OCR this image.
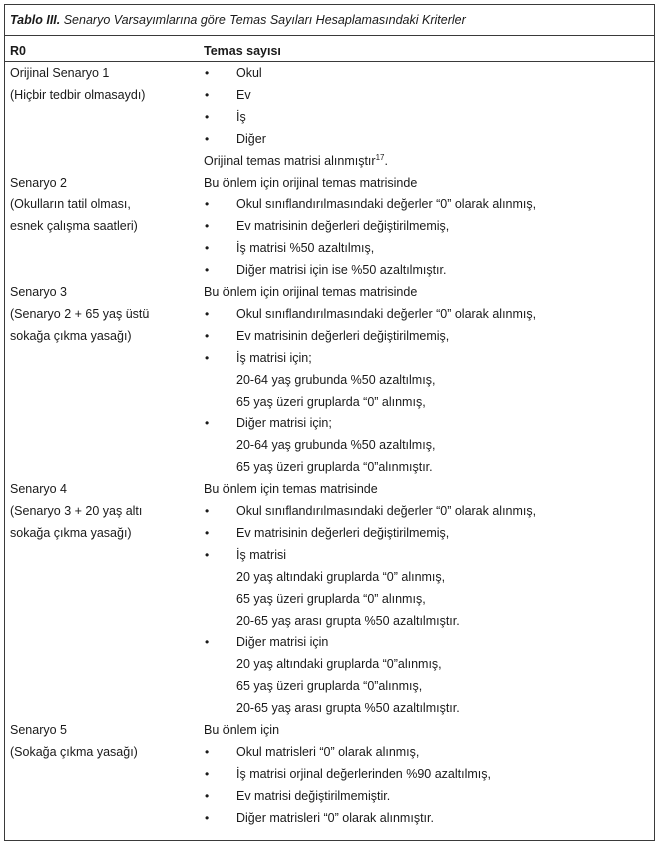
Tablo III. Senaryo Varsayımlarına göre Temas Sayıları Hesaplamasındaki Kriterler
R0	Temas sayısı
Orijinal Senaryo 1
(Hiçbir tedbir olmasaydı)
• Okul
• Ev
• İş
• Diğer
Orijinal temas matrisi alınmıştır$^{17}$.
Senaryo 2
(Okulların tatil olması,
esnek çalışma saatleri)
Bu önlem için orijinal temas matrisinde
• Okul sınıflandırılmasındaki değerler “0” olarak alınmış,
• Ev matrisinin değerleri değiştirilmemiş,
• İş matrisi %50 azaltılmış,
• Diğer matrisi için ise %50 azaltılmıştır.
Senaryo 3
(Senaryo 2 + 65 yaş üstü
sokağa çıkma yasağı)
Bu önlem için orijinal temas matrisinde
• Okul sınıflandırılmasındaki değerler “0” olarak alınmış,
• Ev matrisinin değerleri değiştirilmemiş,
• İş matrisi için;
20-64 yaş grubunda %50 azaltılmış,
65 yaş üzeri gruplarda “0” alınmış,
• Diğer matrisi için;
20-64 yaş grubunda %50 azaltılmış,
65 yaş üzeri gruplarda “0”alınmıştır.
Senaryo 4
(Senaryo 3 + 20 yaş altı
sokağa çıkma yasağı)
Bu önlem için temas matrisinde
• Okul sınıflandırılmasındaki değerler “0” olarak alınmış,
• Ev matrisinin değerleri değiştirilmemiş,
• İş matrisi
20 yaş altındaki gruplarda “0” alınmış,
65 yaş üzeri gruplarda “0” alınmış,
20-65 yaş arası grupta %50 azaltılmıştır.
• Diğer matrisi için
20 yaş altındaki gruplarda “0”alınmış,
65 yaş üzeri gruplarda “0”alınmış,
20-65 yaş arası grupta %50 azaltılmıştır.
Senaryo 5
(Sokağa çıkma yasağı)
Bu önlem için
• Okul matrisleri “0” olarak alınmış,
• İş matrisi orjinal değerlerinden %90 azaltılmış,
• Ev matrisi değiştirilmemiştir.
• Diğer matrisleri “0” olarak alınmıştır.
